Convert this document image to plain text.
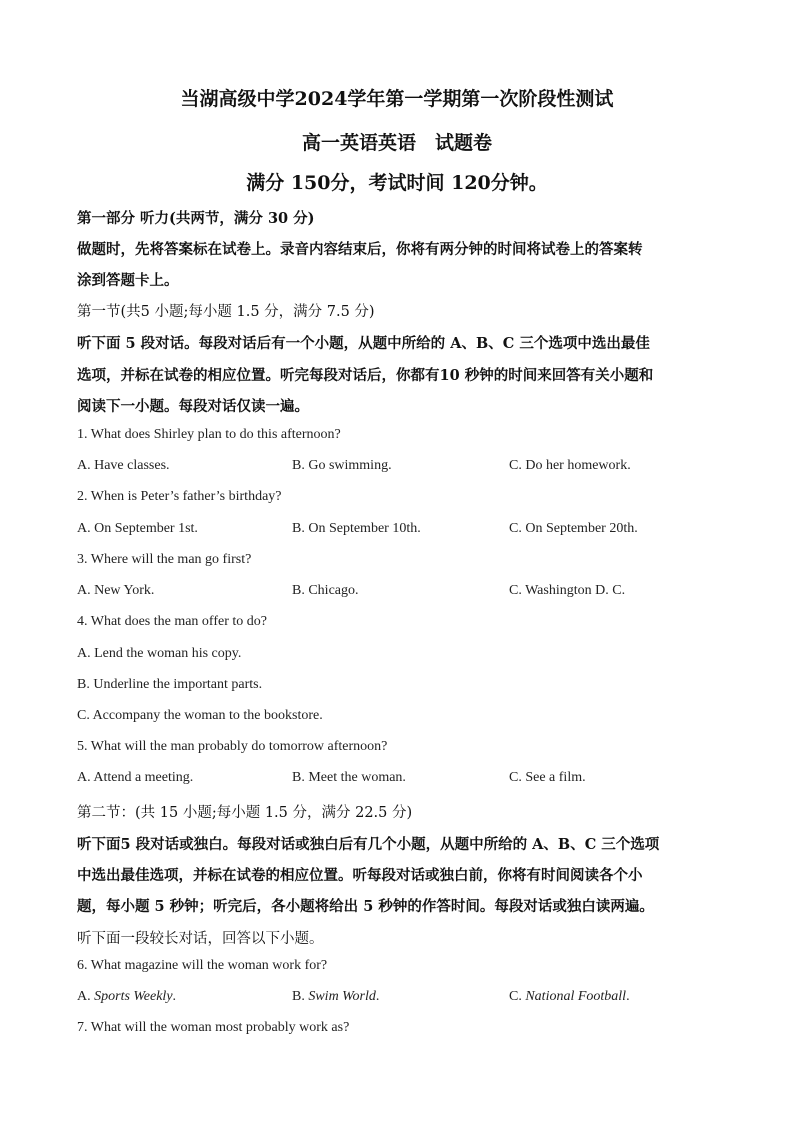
当湖高级中学2024学年第一学期第一次阶段性测试
高一英语英语　试题卷
满分 150分，考试时间 120分钟。
第一部分 听力(共两节，满分 30 分)
做题时，先将答案标在试卷上。录音内容结束后，你将有两分钟的时间将试卷上的答案转
涂到答题卡上。
第一节(共5 小题;每小题 1.5 分，满分 7.5 分)
听下面 5 段对话。每段对话后有一个小题，从题中所给的 A、B、C 三个选项中选出最佳
选项，并标在试卷的相应位置。听完每段对话后，你都有10 秒钟的时间来回答有关小题和
阅读下一小题。每段对话仅读一遍。
1. What does Shirley plan to do this afternoon?
A. Have classes.	B. Go swimming.	C. Do her homework.
2. When is Peter’s father’s birthday?
A. On September 1st.	B. On September 10th.	C. On September 20th.
3. Where will the man go first?
A. New York.	B. Chicago.	C. Washington D. C.
4. What does the man offer to do?
A. Lend the woman his copy.
B. Underline the important parts.
C. Accompany the woman to the bookstore.
5. What will the man probably do tomorrow afternoon?
A. Attend a meeting.	B. Meet the woman.	C. See a film.
第二节：(共 15 小题;每小题 1.5 分，满分 22.5 分)
听下面5 段对话或独白。每段对话或独白后有几个小题，从题中所给的 A、B、C 三个选项
中选出最佳选项，并标在试卷的相应位置。听每段对话或独白前，你将有时间阅读各个小
题，每小题 5 秒钟；听完后，各小题将给出 5 秒钟的作答时间。每段对话或独白读两遍。
听下面一段较长对话，回答以下小题。
6. What magazine will the woman work for?
A. Sports Weekly.	B. Swim World.	C. National Football.
7. What will the woman most probably work as?
